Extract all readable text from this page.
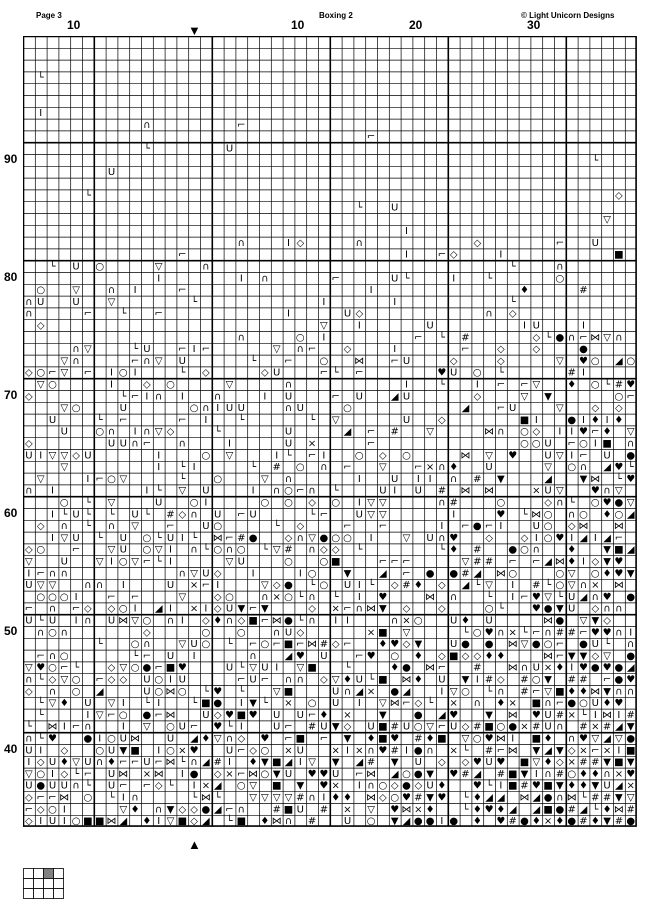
Page 3	Boxing 2	© Light Unicorn Designs
10	10	20	30
▼
▲
90
80
70
60
50
40
└
I
∩	⌐
⌐
└	U
└
U
└	◇
└	U
▽
I
∩	I ◇	∩	◇	⌐	U
⌐	I	⌐ ◇	I	■
└ U ○	▽	∩	└	∩
I	I ∩	⌐	U └	I	└	○
○	▽	∩ I	⌐	I	♦	#
∩ U	U	▽	└	I	I	└
∩	⌐	└	⌐	I	U ◇	∩ ◇
◇	▽	I	U	I U	I
∩	○ I	⌐ └ #	◇ └ ● ∩ ⌐ ⋈ ▽ ∩
∩ ▽	└ U	⌐ I ⌐	▽ ∩ ⌐	◇	I	⌐	◇	◇	●
▽ ∩	⌐ ∩ ▽ U	└	⌐	○	⋈	⌐ U	◇	◇	▽ ♥ ○ ◢ ○
◇ ○ ⌐ ▽ ⌐ I ○ I	└ ◇	◇ U	⌐ └ ⌐	♥ U ○ └	# I
▽ ○	I	◇ ○	▽	∩	I	└	I ⌐ ⌐ ▽	♦ ○ └ # ♥
◇	└ ⌐ I ∩ I	∩	I U	⌐ U	◢ U	◇	▽ ▼	○ ⌐
▽ ○	U	○ ∩ I U U	∩ U	○	◢	⌐ U	▽	◇ ◇
U	└ ⌐	⌐ I	└	└ ▽	U	◇	■ I	● I ♦ I ♦
U	○ ∩ I ∩ ▽ ◇	└	U	◢ ⌐ #	▽	⋈ ∩ ○ ◇ I I ♥ ⌐ ♦ ▽
◇	U U ∩ ⌐	∩	I	U ×	⌐	○ ○ U ⌐ ○ I ■ ∩
U I ▽ ▽ ◇ U	I	○ ▽	I └ ⌐ I	○ ◇ ○	⋈ ▽ ♥	U ▽ I ⌐ U ●
▽	I └ I	└ # ○ ∩ ⌐	▽	⌐ × ∩ ♦	U	▽ ○ ∩ ◢ ♥ └
▽	I ⌐ ○ ▽	└	○	▽ ∩	I	U I I ∩ # ▼	◢	▼ ⋈ └ ♥
∩ I	I └ ▽ U	I ∩ ○ ⌐ ∩ └	U I U # ⋈ ⋈	× U ▽	♥ ∩ ▽
○ └ ▽	U	○ I	○ ○ ◇ ○ I ▽ ▽	∩ #	○	◇ ∩ └ ○ ♥ ● ▽
I └ U └ └ U └ # ◇ ∩ U ⌐ U	└ ⌐	U ▽ ▽	I	♥ └ ⋈ ○ ∩ ○ ♦ ○ ◢
◇ ∩ └ ∩ ▽	⌐	U ○	└ ◇	⌐	⌐	I ⌐ ● ⌐ I	U ○ ◇ ⋈	⋈
I ▽ U └ U ○ └ U I └ ⋈ ⌐ # ●	◇ ∩ ▽ ● ○ ○ I	▽ U ∩ ♥	◇	◇ I ○ ♥ I ◢ I ◢ ⌐
◇ ○	⌐	▽ U ○ ▽ I ∩ └ ○ ∩ ○ └ ▽ # ∩ ◇ ◇ └	└ ♦ #	● ○ ∩	♦	▼ ■ ◢
▽	U	▽ I ○ ▽ ⌐ └ I	▽ U	○	○ ■	⌐ ⌐ ⌐	▽ # # ⌐ ⌐ ◢ ⋈ ♦ I ◇ ▼ ♥
I ⌐ ∩ ∩	∩ ▽ U ◇	I	I ○	▼	◢ ⌐ ● ● # ◢ ⋈ ○	○ ▽ ○ ♦ ♥ ▼
U ▽ ▽	∩ ∩ I	U × ⌐ I	▽ ◇ ● └ ○ U I └ ◇ # ♦ ◇ ◢ └ ▽ I # └ ○ ▽ ∩ × ⋈
○ ○ ○ I	⌐ ⌐	▽	◇ ○	∩ × ○ └ ∩ └ I ♥	⋈ ∩	└ I ⌐ ♥ ▽ └ U ◢ ∩ ♥ ●
⌐ ∩ ⌐ ◇ ◇ ○ I ◢ I × I ◇ U ▼ ⌐ ▼	◇ × ⌐ ∩ ⋈ ▼ ◇	◇	○ └	♥ ● ▼ U ◇ ∩ ∩
U └ U I ∩ U ⋈ ▽ ○ ∩ I ◇ ♦ ∩ ◇ ■ ⌐ ⋈ ● └ ∩ I I	∩ × ○	U ♦ U	⋈ ● ▽ ▼ ◇
∩ ○ ∩	◇	○	○	∩ U ◇	× ■ ▽	└ ○ ♥ ∩ × └ ⌐ ∩ # # ⌐ ♥ ♥ ∩ I
└	○ ∩	▽ U ○ └ ⌐ ○ ⌐ ■ ⌐ ⋈ # ◇ ⌐	♦ ♥ ◇ ▼	U ● ● ⋈ ▽ ● ○ ⌐ ● U └ ∩
⌐ ∩ ○	└ ⌐ U I	∩	◢ ♥ U	⌐ ♥ ○ ♦ ◇ ■ ◇ ◇ ♦ ♦	⋈ ⌐ ▼ ▼ ◇ ▽ ●
▽ ♥ ○ ⌐ └	◇ ▽ ○ ● ⌐ ■ ♥	U └ ▽ U I ▽ ■	└	♦ ● ⋈ ⌐	#	⋈ ∩ U × ♦ I ♥ ● ♥ ● ◢
∩ └ ◇ ▽ ○ ⌐ ◇ ◇ U ○ I U	⌐ U ⌐ ∩ ∩ ◇ ▽ ♦ U └ ■ ⋈ ♦ U ▼ I # ◇ # ○ ▼ # # ⌐ ● ♥
◇ ∩ ○ ◢	U ○ ⋈ ○ └ ♥ └	▽ ■	U ∩ ◢ × ● ◢	I ▽ ○ └ ∩ # ⌐ ▽ ■ ♦ ♦ ⋈ ▼ ∩ ∩
└ ▽ ♦ U ▽ I └ I	└ ■ ● I ▼ └ × ○ U I ▽ ⋈ ⌐ ◇ └ × ∩ ♦ × ■ ∩ ⌐ ● ○ U ♦ ♥
└	I ▽ ⌐ ○ ● ⌐ ⋈	U ◇ ♥ ■ ♥ U U ⌐ ♦ ×	▼	● ◢ ♥	▼ ⋈ ♥ U # × └ I ⋈ I #
└ ⋈ I ⌐ ∩	I ▽ ○ U ⌐ ♥ └ I	U ⌐ # U ▼ ◇ U ■ # U ○ ▽ ⌐ U ◇ # ■ ○ ● × # U ∩ # × # ◢ ▼
∩ └ ♥	● I ○ U ⋈	U ◢ ♦ ▽ ∩ ◇ ♥ ⌐ ■ ⌐ ▼ ♦ ■ ♥ # ♦ ■ ▽ ○ ♥ ⋈ I ■ ♦ ∩ ♥ ▽ ◢ ▽ ●
U I ◇	○ U ▼ ■ I ○ × ♥	U ⌐ ◇ ○ × U	× I × ∩ ♥ # I ● ∩ × └ # ⌐ ⋈ ▼ ◢ ▼ ◇ × ⌐ × I ■
I ◇ U ♦ ▽ U ∩ ♦ ⌐ ⌐ U ⌐ ⋈ └ ∩ ◢ # I ♦ ▼ ■ ◢ I ▽ ▼ ◢ # ▼ U ◇ ◇ ♥ U ♥ ■ ▽ ♦ ◇ × # # ▼ ■ ▼
▽ ○ I ◇ └ ⌐ U ⋈ × ⋈ I ● ◇ × ⌐ ⋈ ○ ▼ U ♥ ♥ U ⌐ ⋈ ◢ ○ ● ▼ ♥ # ◢ # ■ ▼ I ∩ # ○ ♦ ♦ ∩ × ♥
U ● U U ∩ └ U ⌐ ⌐ ◇ └ I × ◢ ○ ▽ ■ ▼ ♥ × I ∩ ○ ◇ ● ◇ U ♦	♥ └ I ■ # ♥ ■ ▼ ♦ ♦ ▼ U ◢ ×
◇ ⌐ ⌐ ⋈ ○ └ I ∩	└ ⋈ └	▽ ▽ ▽ ▽ # ∩ I ♦ ♦ ⋈ ◇ ○ ♥ # ▼ ♥ └ ♦ ◢ ◢ ⋈ ◢ ● ∩ ⋈ └ # # ▼ ▽
⌐ ◇ ○ I	▽ ♦ ∩ ▼ ◇ ◇ ● ◢ ⌐ ∩	# ■ U # × ▽ ♥ ⋈ × ♦	└ ♦ ♥ ♦ ◢ ◢ ■ ● # ◢ └ ♦ ⋈ #
◇ I U I ○ ■ ■ ⋈ ◢ ♦ I ▽ ■ ◇ ◢ └ ■ ♦ ⋈ ∩ #	U ○ ▼ ◢ ● ● I ● ♦ ♥ # ● ♦ × ♦ ● # ♦ ▼ # ●
